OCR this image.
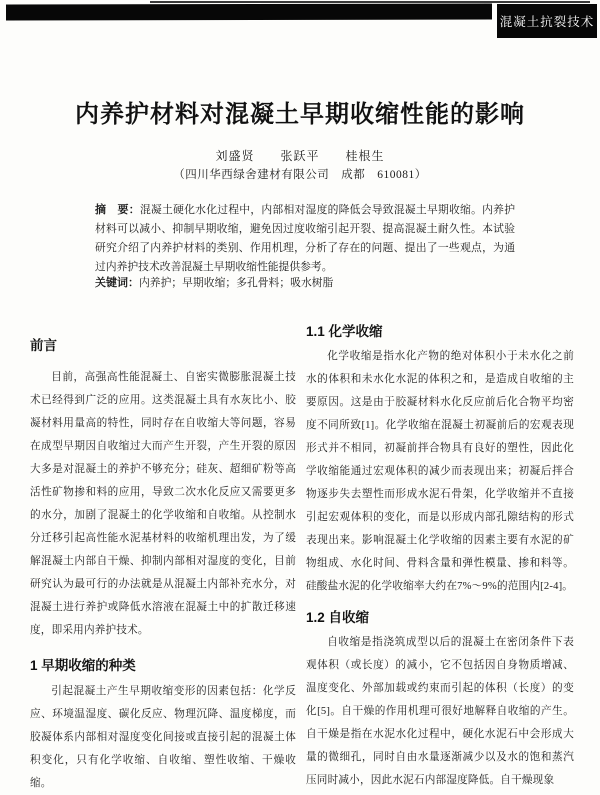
混凝土抗裂技术
内养护材料对混凝土早期收缩性能的影响

刘盛贤　　张跃平　　桂根生

（四川华西绿舍建材有限公司　成都　610081）

摘　要：混凝土硬化水化过程中，内部相对湿度的降低会导致混凝土早期收缩。内养护材料可以减小、抑制早期收缩，避免因过度收缩引起开裂、提高混凝土耐久性。本试验研究介绍了内养护材料的类别、作用机理，分析了存在的问题、提出了一些观点，为通过内养护技术改善混凝土早期收缩性能提供参考。
关键词：内养护；早期收缩；多孔骨料；吸水树脂
前言

目前，高强高性能混凝土、自密实微膨胀混凝土技术已经得到广泛的应用。这类混凝土具有水灰比小、胶凝材料用量高的特性，同时存在自收缩大等问题，容易在成型早期因自收缩过大而产生开裂，产生开裂的原因大多是对混凝土的养护不够充分；硅灰、超细矿粉等高活性矿物掺和料的应用，导致二次水化反应又需要更多的水分，加剧了混凝土的化学收缩和自收缩。从控制水分迁移引起高性能水泥基材料的收缩机理出发，为了缓解混凝土内部自干燥、抑制内部相对湿度的变化，目前研究认为最可行的办法就是从混凝土内部补充水分，对混凝土进行养护或降低水溶液在混凝土中的扩散迁移速度，即采用内养护技术。

1 早期收缩的种类

引起混凝土产生早期收缩变形的因素包括：化学反应、环境温湿度、碳化反应、物理沉降、温度梯度，而胶凝体系内部相对湿度变化间接或直接引起的混凝土体积变化，只有化学收缩、自收缩、塑性收缩、干燥收缩。

1.1 化学收缩

化学收缩是指水化产物的绝对体积小于未水化之前水的体积和未水化水泥的体积之和，是造成自收缩的主要原因。这是由于胶凝材料水化反应前后化合物平均密度不同所致[1]。化学收缩在混凝土初凝前后的宏观表现形式并不相同，初凝前拌合物具有良好的塑性，因此化学收缩能通过宏观体积的减少而表现出来；初凝后拌合物逐步失去塑性而形成水泥石骨架，化学收缩并不直接引起宏观体积的变化，而是以形成内部孔隙结构的形式表现出来。影响混凝土化学收缩的因素主要有水泥的矿物组成、水化时间、骨料含量和弹性模量、掺和料等。硅酸盐水泥的化学收缩率大约在7%～9%的范围内[2-4]。

1.2 自收缩

自收缩是指浇筑成型以后的混凝土在密闭条件下表观体积（或长度）的减小，它不包括因自身物质增减、温度变化、外部加载或约束而引起的体积（长度）的变化[5]。自干燥的作用机理可很好地解释自收缩的产生。自干燥是指在水泥水化过程中，硬化水泥石中会形成大量的微细孔，同时自由水量逐渐减少以及水的饱和蒸汽压同时减小，因此水泥石内部湿度降低。自干燥现象
